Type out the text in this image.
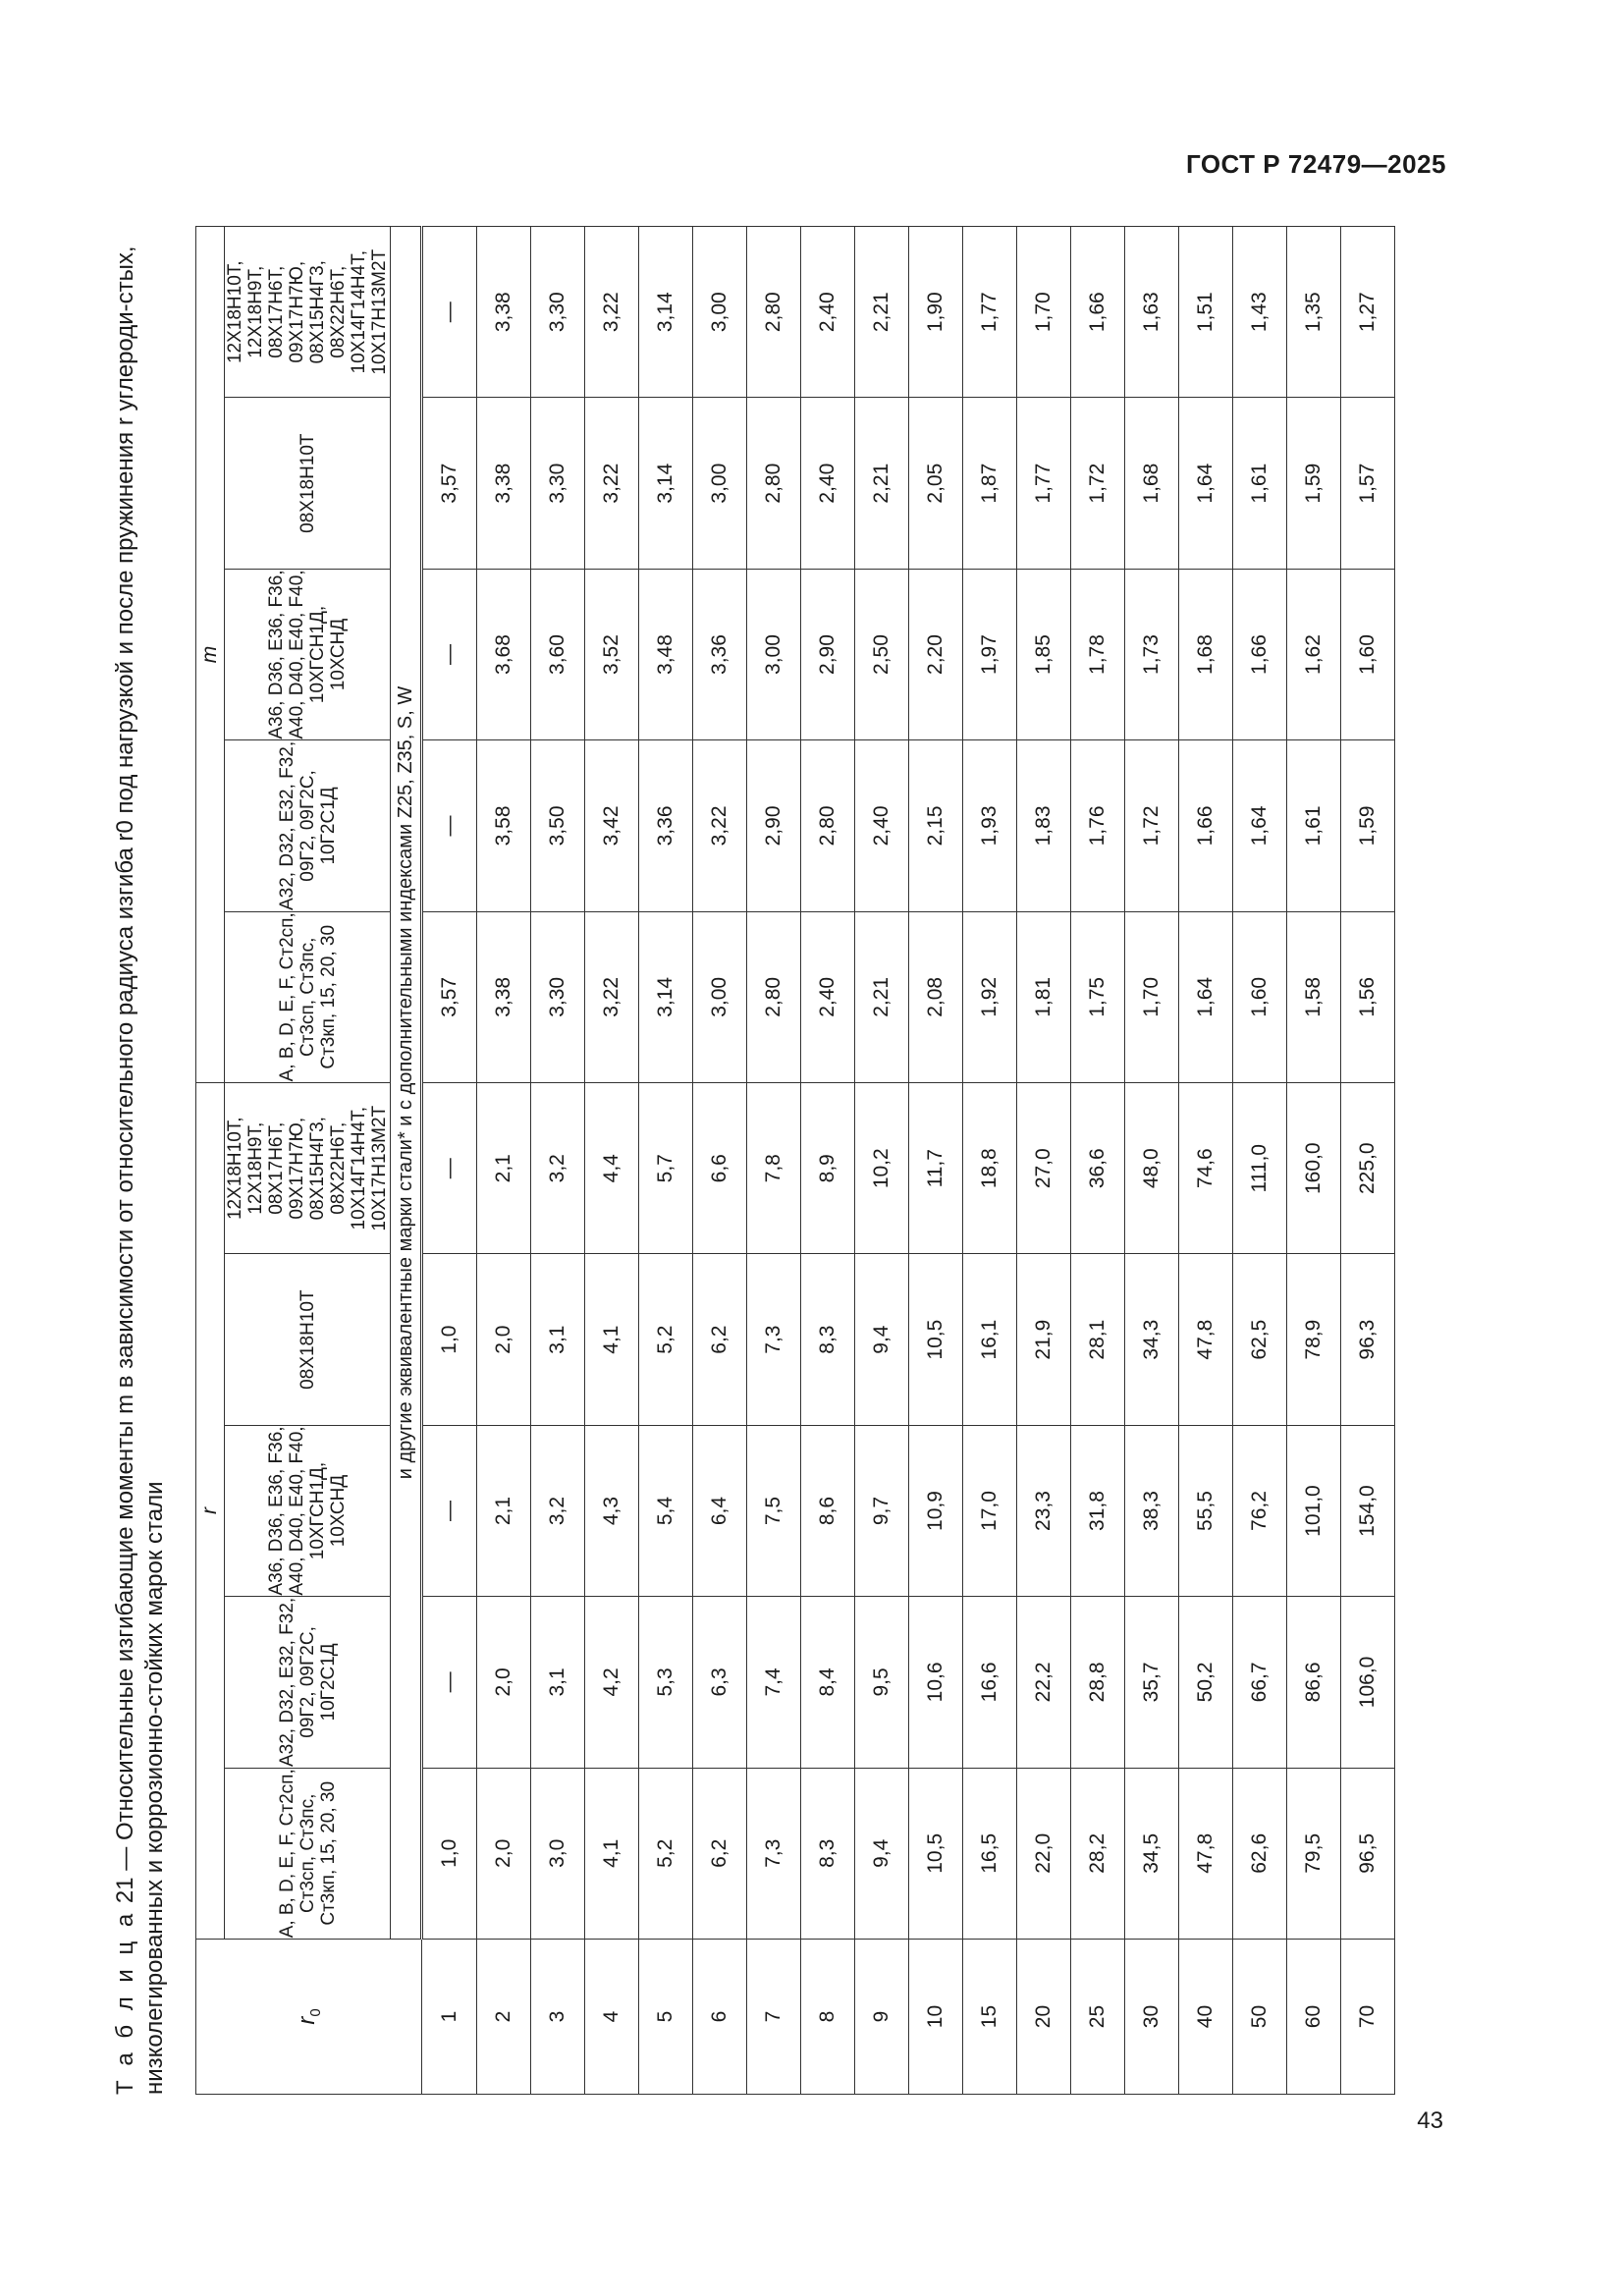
ГОСТ Р 72479—2025
43

Т а б л и ц а 21 — Относительные изгибающие моменты m в зависимости от относительного радиуса изгиба r0 под нагрузкой и после пружинения r углероди-стых, низколегированных и коррозионно-стойких марок стали	$r_0$	r					m				
	A, B, D, E, F, Ст2сп, Ст3сп, Ст3пс, Ст3кп, 15, 20, 30	A32, D32, E32, F32, 09Г2, 09Г2С, 10Г2С1Д	A36, D36, E36, F36, A40, D40, E40, F40, 10ХГСН1Д, 10ХСНД	08Х18Н10Т	12Х18Н10Т, 12Х18Н9Т, 08Х17Н6Т, 09Х17Н7Ю, 08Х15Н4Г3, 08Х22Н6Т, 10Х14Г14Н4Т, 10Х17Н13М2Т	A, B, D, E, F, Ст2сп, Ст3сп, Ст3пс, Ст3кп, 15, 20, 30	A32, D32, E32, F32, 09Г2, 09Г2С, 10Г2С1Д	A36, D36, E36, F36, A40, D40, E40, F40, 10ХГСН1Д, 10ХСНД	08Х18Н10Т	12Х18Н10Т, 12Х18Н9Т, 08Х17Н6Т, 09Х17Н7Ю, 08Х15Н4Г3, 08Х22Н6Т, 10Х14Г14Н4Т, 10Х17Н13М2Т
	и другие эквивалентные марки стали* и с дополнительными индексами Z25, Z35, S, W									
1	1,0	—	—	1,0	—	3,57	—	—	3,57	—
2	2,0	2,0	2,1	2,0	2,1	3,38	3,58	3,68	3,38	3,38
3	3,0	3,1	3,2	3,1	3,2	3,30	3,50	3,60	3,30	3,30
4	4,1	4,2	4,3	4,1	4,4	3,22	3,42	3,52	3,22	3,22
5	5,2	5,3	5,4	5,2	5,7	3,14	3,36	3,48	3,14	3,14
6	6,2	6,3	6,4	6,2	6,6	3,00	3,22	3,36	3,00	3,00
7	7,3	7,4	7,5	7,3	7,8	2,80	2,90	3,00	2,80	2,80
8	8,3	8,4	8,6	8,3	8,9	2,40	2,80	2,90	2,40	2,40
9	9,4	9,5	9,7	9,4	10,2	2,21	2,40	2,50	2,21	2,21
10	10,5	10,6	10,9	10,5	11,7	2,08	2,15	2,20	2,05	1,90
15	16,5	16,6	17,0	16,1	18,8	1,92	1,93	1,97	1,87	1,77
20	22,0	22,2	23,3	21,9	27,0	1,81	1,83	1,85	1,77	1,70
25	28,2	28,8	31,8	28,1	36,6	1,75	1,76	1,78	1,72	1,66
30	34,5	35,7	38,3	34,3	48,0	1,70	1,72	1,73	1,68	1,63
40	47,8	50,2	55,5	47,8	74,6	1,64	1,66	1,68	1,64	1,51
50	62,6	66,7	76,2	62,5	111,0	1,60	1,64	1,66	1,61	1,43
60	79,5	86,6	101,0	78,9	160,0	1,58	1,61	1,62	1,59	1,35
70	96,5	106,0	154,0	96,3	225,0	1,56	1,59	1,60	1,57	1,27
